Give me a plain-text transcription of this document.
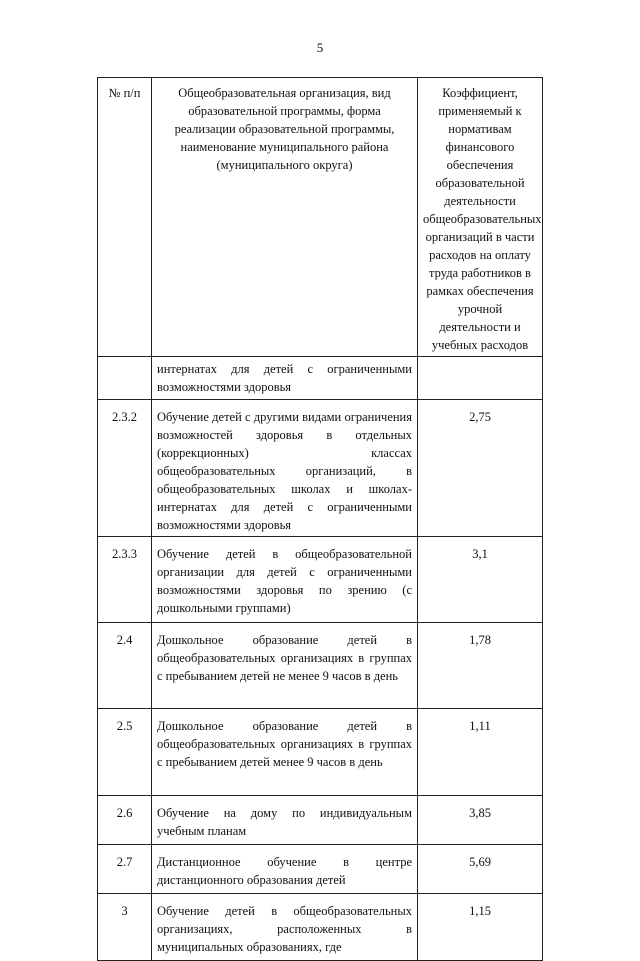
5
№ п/п	Общеобразовательная организация, вид образовательной программы, форма реализации образовательной программы, наименование муниципального района (муниципального округа)	Коэффициент, применяемый к нормативам финансового обеспечения образовательной деятельности общеобразовательных организаций в части расходов на оплату труда работников в рамках обеспечения урочной деятельности и учебных расходов
	интернатах для детей с ограниченными возможностями здоровья	
2.3.2	Обучение детей с другими видами ограничения возможностей здоровья в отдельных (коррекционных) классах общеобразовательных организаций, в общеобразовательных школах и школах-интернатах для детей с ограниченными возможностями здоровья	2,75
2.3.3	Обучение детей в общеобразовательной организации для детей с ограниченными возможностями здоровья по зрению (с дошкольными группами)	3,1
2.4	Дошкольное образование детей в общеобразовательных организациях в группах с пребыванием детей не менее 9 часов в день	1,78
2.5	Дошкольное образование детей в общеобразовательных организациях в группах с пребыванием детей менее 9 часов в день	1,11
2.6	Обучение на дому по индивидуальным учебным планам	3,85
2.7	Дистанционное обучение в центре дистанционного образования детей	5,69
3	Обучение детей в общеобразовательных организациях, расположенных в муниципальных образованиях, где	1,15
